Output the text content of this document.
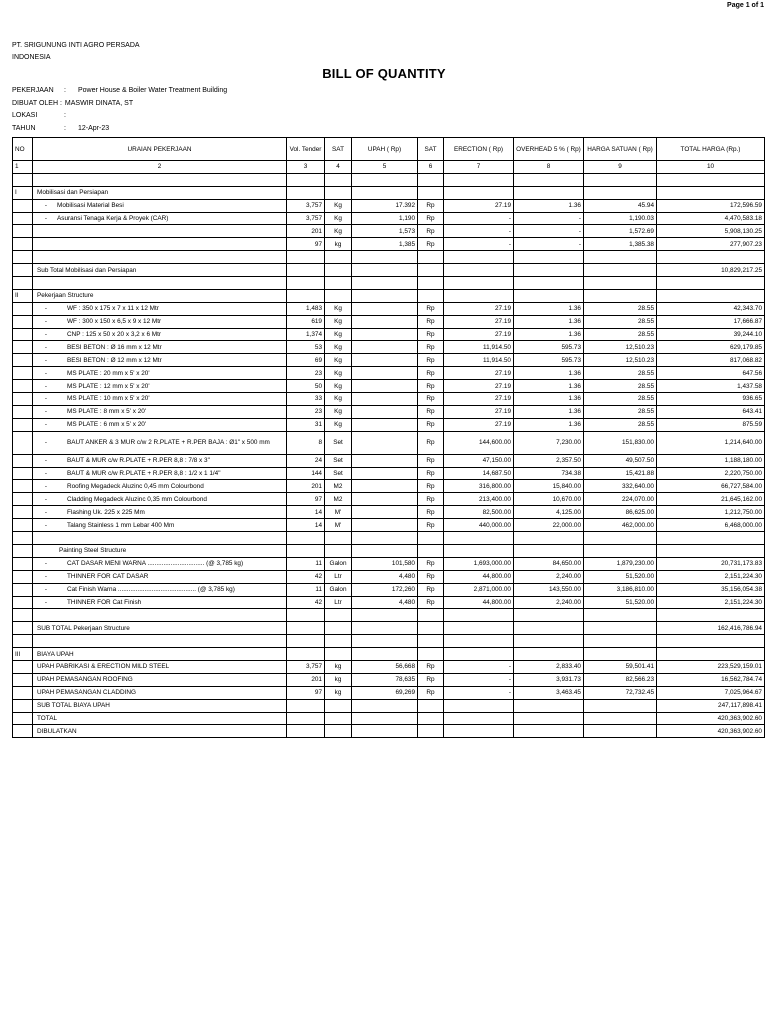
Page 1 of 1
PT. SRIGUNUNG INTI AGRO PERSADA
INDONESIA
BILL OF QUANTITY
PEKERJAAN : Power House & Boiler Water Treatment Building
DIBUAT OLEH : MASWIR DINATA, ST
LOKASI	:
TAHUN	: 12-Apr-23
NO	URAIAN PEKERJAAN	Vol. Tender	SAT	UPAH ( Rp)	SAT	ERECTION ( Rp)	OVERHEAD 5 % ( Rp)	HARGA SATUAN ( Rp)	TOTAL HARGA (Rp.)
1	2	3	4	5	6	7	8	9	10

I	Mobilisasi dan Persiapan								
	- Mobilisasi Material Besi	3,757	Kg	17.392	Rp	27.19	1.36	45.94	172,596.59
	- Asuransi Tenaga Kerja & Proyek (CAR)	3,757	Kg	1,190	Rp	-	-	1,190.03	4,470,583.18
		201	Kg	1,573	Rp	-	-	1,572.69	5,908,130.25
		97	kg	1,385	Rp	-	-	1,385.38	277,907.23

	Sub Total Mobilisasi dan Persiapan								10,829,217.25

II	Pekerjaan Structure								
	- WF : 350 x 175 x 7 x 11 x 12 Mtr	1,483	Kg		Rp	27.19	1.36	28.55	42,343.70
	- WF : 300 x 150 x 6,5 x 9 x 12 Mtr	619	Kg		Rp	27.19	1.36	28.55	17,666.87
	- CNP : 125 x 50 x 20 x 3,2 x 6 Mtr	1,374	Kg		Rp	27.19	1.36	28.55	39,244.10
	- BESI BETON : Ø 16 mm x 12 Mtr	53	Kg		Rp	11,914.50	595.73	12,510.23	629,179.85
	- BESI BETON : Ø 12 mm x 12 Mtr	69	Kg		Rp	11,914.50	595.73	12,510.23	817,068.82
	- MS PLATE : 20 mm x 5' x 20'	23	Kg		Rp	27.19	1.36	28.55	647.56
	- MS PLATE : 12 mm x 5' x 20'	50	Kg		Rp	27.19	1.36	28.55	1,437.58
	- MS PLATE : 10 mm x 5' x 20'	33	Kg		Rp	27.19	1.36	28.55	936.65
	- MS PLATE : 8 mm x 5' x 20'	23	Kg		Rp	27.19	1.36	28.55	643.41
	- MS PLATE : 6 mm x 5' x 20'	31	Kg		Rp	27.19	1.36	28.55	875.59
	- BAUT ANKER & 3 MUR c/w 2 R.PLATE + R.PER BAJA : Ø1" x 500 mm	8	Set		Rp	144,600.00	7,230.00	151,830.00	1,214,640.00
	- BAUT & MUR c/w R.PLATE + R.PER 8,8 : 7/8 x 3"	24	Set		Rp	47,150.00	2,357.50	49,507.50	1,188,180.00
	- BAUT & MUR c/w R.PLATE + R.PER 8,8 : 1/2 x 1 1/4"	144	Set		Rp	14,687.50	734.38	15,421.88	2,220,750.00
	- Roofing Megadeck Aluzinc 0,45 mm Colourbond	201	M2		Rp	316,800.00	15,840.00	332,640.00	66,727,584.00
	- Cladding Megadeck Aluzinc 0,35 mm Colourbond	97	M2		Rp	213,400.00	10,670.00	224,070.00	21,645,162.00
	- Flashing Uk. 225 x 225 Mm	14	M'		Rp	82,500.00	4,125.00	86,625.00	1,212,750.00
	- Talang Stainless 1 mm Lebar 400 Mm	14	M'		Rp	440,000.00	22,000.00	462,000.00	6,468,000.00

	Painting Steel Structure								
	- CAT DASAR MENI WARNA ................................ (@ 3,785 kg)	11	Galon	101,580	Rp	1,693,000.00	84,650.00	1,879,230.00	20,731,173.83
	- THINNER FOR CAT DASAR	42	Ltr	4,480	Rp	44,800.00	2,240.00	51,520.00	2,151,224.30
	- Cat Finish Warna ............................................ (@ 3,785 kg)	11	Galon	172,260	Rp	2,871,000.00	143,550.00	3,186,810.00	35,156,054.38
	- THINNER FOR Cat Finish	42	Ltr	4,480	Rp	44,800.00	2,240.00	51,520.00	2,151,224.30

	SUB TOTAL Pekerjaan Structure								162,416,786.94

III	BIAYA UPAH								
	UPAH PABRIKASI & ERECTION MILD STEEL	3,757	kg	56,668	Rp	-	2,833.40	59,501.41	223,529,159.01
	UPAH PEMASANGAN ROOFING	201	kg	78,635	Rp	-	3,931.73	82,566.23	16,562,784.74
	UPAH PEMASANGAN CLADDING	97	kg	69,269	Rp	-	3,463.45	72,732.45	7,025,964.67
	SUB TOTAL BIAYA UPAH								247,117,898.41
	TOTAL								420,363,902.60
	DIBULATKAN								420,363,902.60
